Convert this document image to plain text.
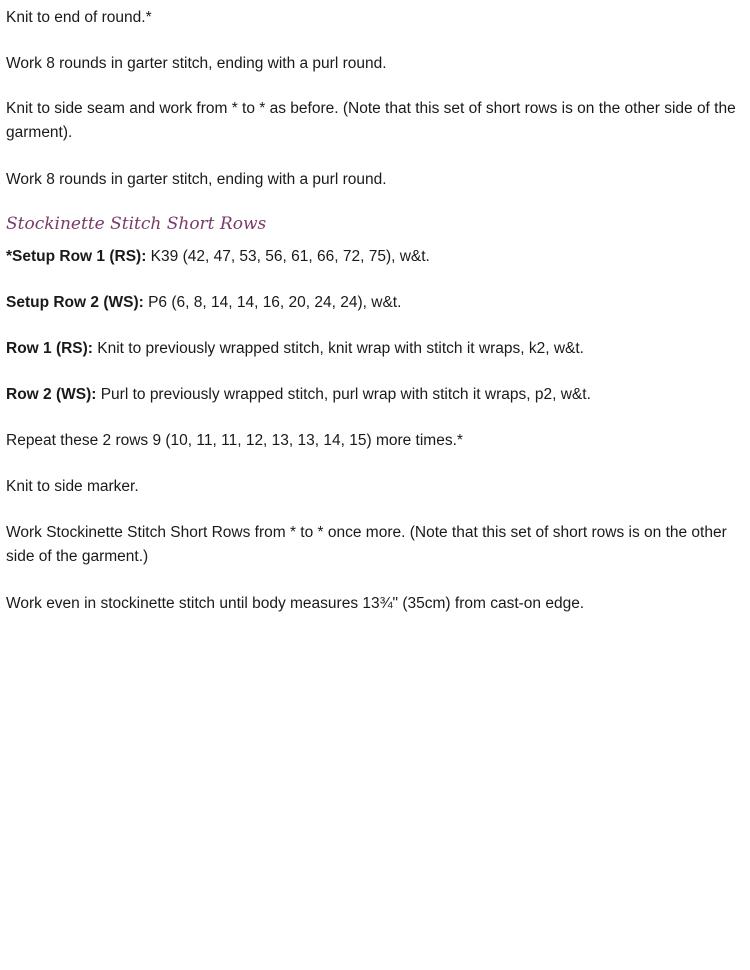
Knit to end of round.*

Work 8 rounds in garter stitch, ending with a purl round.

Knit to side seam and work from * to * as before. (Note that this set of short rows is on the other side of the garment).

Work 8 rounds in garter stitch, ending with a purl round.

Stockinette Stitch Short Rows

*Setup Row 1 (RS): K39 (42, 47, 53, 56, 61, 66, 72, 75), w&t.

Setup Row 2 (WS): P6 (6, 8, 14, 14, 16, 20, 24, 24), w&t.

Row 1 (RS): Knit to previously wrapped stitch, knit wrap with stitch it wraps, k2, w&t.

Row 2 (WS): Purl to previously wrapped stitch, purl wrap with stitch it wraps, p2, w&t.

Repeat these 2 rows 9 (10, 11, 11, 12, 13, 13, 14, 15) more times.*

Knit to side marker.

Work Stockinette Stitch Short Rows from * to * once more. (Note that this set of short rows is on the other side of the garment.)

Work even in stockinette stitch until body measures 13¾" (35cm) from cast-on edge.
